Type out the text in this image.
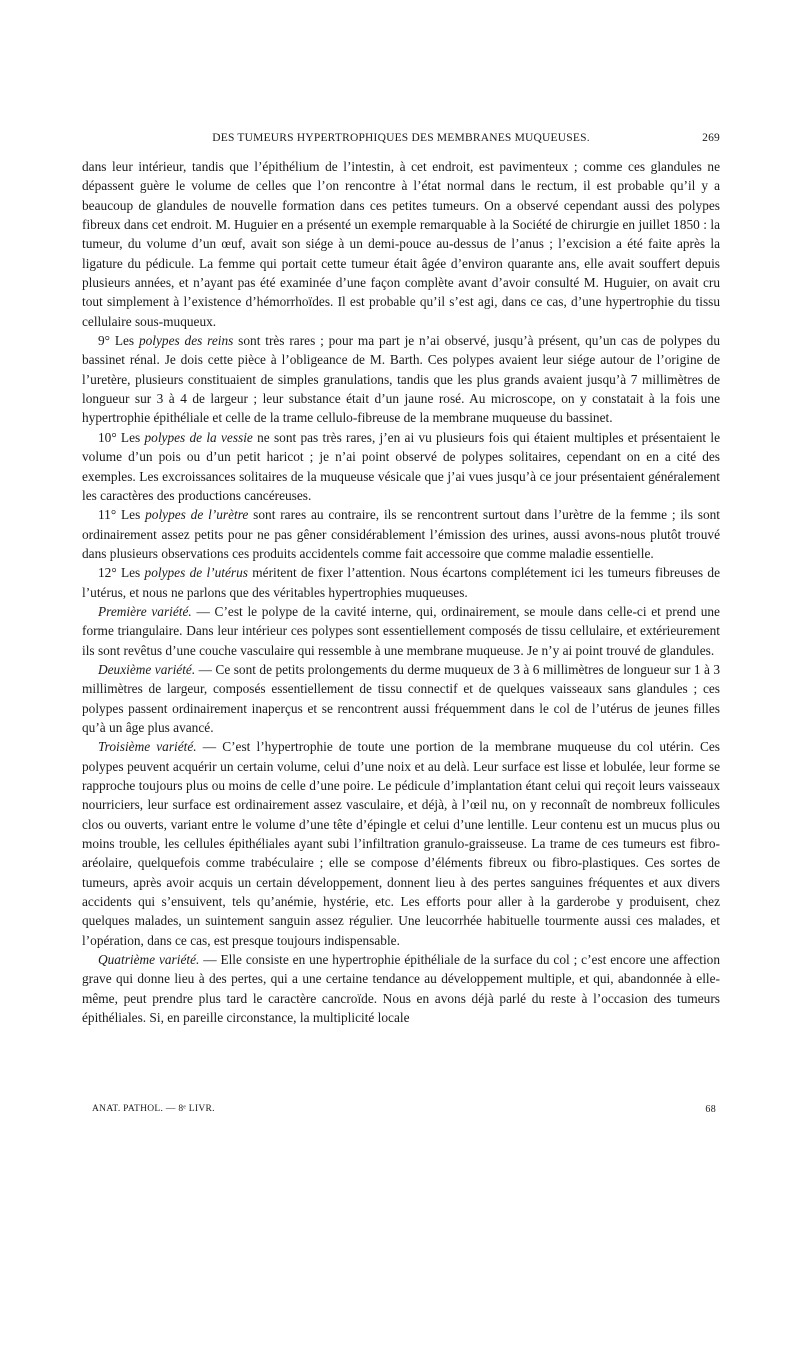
DES TUMEURS HYPERTROPHIQUES DES MEMBRANES MUQUEUSES.	269

dans leur intérieur, tandis que l’épithélium de l’intestin, à cet endroit, est pavimenteux ; comme ces glandules ne dépassent guère le volume de celles que l’on rencontre à l’état normal dans le rectum, il est probable qu’il y a beaucoup de glandules de nouvelle formation dans ces petites tumeurs. On a observé cependant aussi des polypes fibreux dans cet endroit. M. Huguier en a présenté un exemple remarquable à la Société de chirurgie en juillet 1850 : la tumeur, du volume d’un œuf, avait son siége à un demi-pouce au-dessus de l’anus ; l’excision a été faite après la ligature du pédicule. La femme qui portait cette tumeur était âgée d’environ quarante ans, elle avait souffert depuis plusieurs années, et n’ayant pas été examinée d’une façon complète avant d’avoir consulté M. Huguier, on avait cru tout simplement à l’existence d’hémorrhoïdes. Il est probable qu’il s’est agi, dans ce cas, d’une hypertrophie du tissu cellulaire sous-muqueux.

9° Les polypes des reins sont très rares ; pour ma part je n’ai observé, jusqu’à présent, qu’un cas de polypes du bassinet rénal. Je dois cette pièce à l’obligeance de M. Barth. Ces polypes avaient leur siége autour de l’origine de l’uretère, plusieurs constituaient de simples granulations, tandis que les plus grands avaient jusqu’à 7 millimètres de longueur sur 3 à 4 de largeur ; leur substance était d’un jaune rosé. Au microscope, on y constatait à la fois une hypertrophie épithéliale et celle de la trame cellulo-fibreuse de la membrane muqueuse du bassinet.

10° Les polypes de la vessie ne sont pas très rares, j’en ai vu plusieurs fois qui étaient multiples et présentaient le volume d’un pois ou d’un petit haricot ; je n’ai point observé de polypes solitaires, cependant on en a cité des exemples. Les excroissances solitaires de la muqueuse vésicale que j’ai vues jusqu’à ce jour présentaient généralement les caractères des productions cancéreuses.

11° Les polypes de l’urètre sont rares au contraire, ils se rencontrent surtout dans l’urètre de la femme ; ils sont ordinairement assez petits pour ne pas gêner considérablement l’émission des urines, aussi avons-nous plutôt trouvé dans plusieurs observations ces produits accidentels comme fait accessoire que comme maladie essentielle.

12° Les polypes de l’utérus méritent de fixer l’attention. Nous écartons complétement ici les tumeurs fibreuses de l’utérus, et nous ne parlons que des véritables hypertrophies muqueuses.

Première variété. — C’est le polype de la cavité interne, qui, ordinairement, se moule dans celle-ci et prend une forme triangulaire. Dans leur intérieur ces polypes sont essentiellement composés de tissu cellulaire, et extérieurement ils sont revêtus d’une couche vasculaire qui ressemble à une membrane muqueuse. Je n’y ai point trouvé de glandules.

Deuxième variété. — Ce sont de petits prolongements du derme muqueux de 3 à 6 millimètres de longueur sur 1 à 3 millimètres de largeur, composés essentiellement de tissu connectif et de quelques vaisseaux sans glandules ; ces polypes passent ordinairement inaperçus et se rencontrent aussi fréquemment dans le col de l’utérus de jeunes filles qu’à un âge plus avancé.

Troisième variété. — C’est l’hypertrophie de toute une portion de la membrane muqueuse du col utérin. Ces polypes peuvent acquérir un certain volume, celui d’une noix et au delà. Leur surface est lisse et lobulée, leur forme se rapproche toujours plus ou moins de celle d’une poire. Le pédicule d’implantation étant celui qui reçoit leurs vaisseaux nourriciers, leur surface est ordinairement assez vasculaire, et déjà, à l’œil nu, on y reconnaît de nombreux follicules clos ou ouverts, variant entre le volume d’une tête d’épingle et celui d’une lentille. Leur contenu est un mucus plus ou moins trouble, les cellules épithéliales ayant subi l’infiltration granulo-graisseuse. La trame de ces tumeurs est fibro-aréolaire, quelquefois comme trabéculaire ; elle se compose d’éléments fibreux ou fibro-plastiques. Ces sortes de tumeurs, après avoir acquis un certain développement, donnent lieu à des pertes sanguines fréquentes et aux divers accidents qui s’ensuivent, tels qu’anémie, hystérie, etc. Les efforts pour aller à la garderobe y produisent, chez quelques malades, un suintement sanguin assez régulier. Une leucorrhée habituelle tourmente aussi ces malades, et l’opération, dans ce cas, est presque toujours indispensable.

Quatrième variété. — Elle consiste en une hypertrophie épithéliale de la surface du col ; c’est encore une affection grave qui donne lieu à des pertes, qui a une certaine tendance au développement multiple, et qui, abandonnée à elle-même, peut prendre plus tard le caractère cancroïde. Nous en avons déjà parlé du reste à l’occasion des tumeurs épithéliales. Si, en pareille circonstance, la multiplicité locale

ANAT. PATHOL. — 8ᵉ LIVR.	68
